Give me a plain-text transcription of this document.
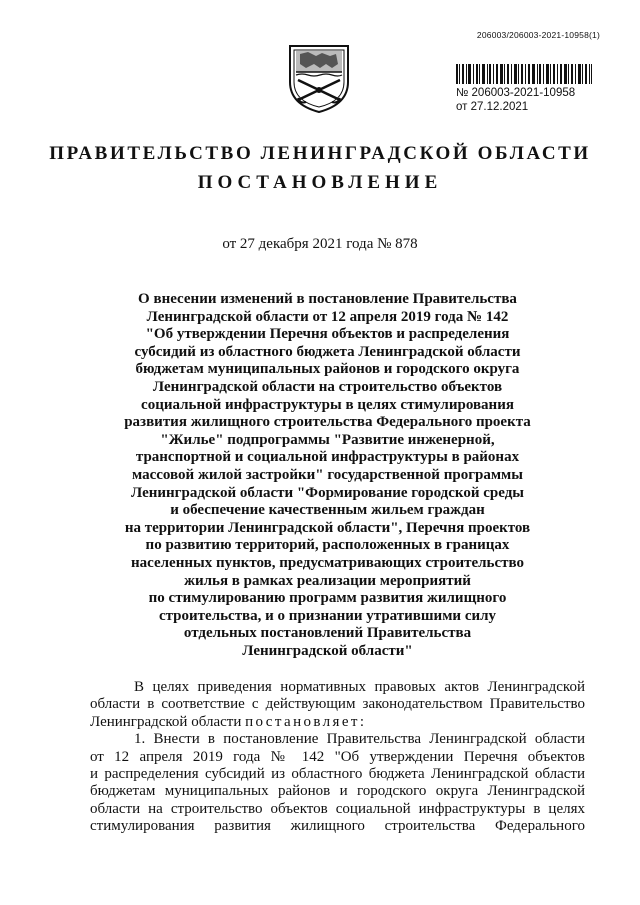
206003/206003-2021-10958(1)
№ 206003-2021-10958
от 27.12.2021
ПРАВИТЕЛЬСТВО ЛЕНИНГРАДСКОЙ ОБЛАСТИ
ПОСТАНОВЛЕНИЕ
от 27 декабря 2021 года № 878
О внесении изменений в постановление Правительства
Ленинградской области от 12 апреля 2019 года № 142
"Об утверждении Перечня объектов и распределения
субсидий из областного бюджета Ленинградской области
бюджетам муниципальных районов и городского округа
Ленинградской области на строительство объектов
социальной инфраструктуры в целях стимулирования
развития жилищного строительства Федерального проекта
"Жилье" подпрограммы "Развитие инженерной,
транспортной и социальной инфраструктуры в районах
массовой жилой застройки" государственной программы
Ленинградской области "Формирование городской среды
и обеспечение качественным жильем граждан
на территории Ленинградской области", Перечня проектов
по развитию территорий, расположенных в границах
населенных пунктов, предусматривающих строительство
жилья в рамках реализации мероприятий
по стимулированию программ развития жилищного
строительства, и о признании утратившими силу
отдельных постановлений Правительства
Ленинградской области"
В целях приведения нормативных правовых актов Ленинградской
области в соответствие с действующим законодательством Правительство
Ленинградской области постановляет:
1. Внести в постановление Правительства Ленинградской области
от 12 апреля 2019 года № 142 "Об утверждении Перечня объектов
и распределения субсидий из областного бюджета Ленинградской области
бюджетам муниципальных районов и городского округа Ленинградской
области на строительство объектов социальной инфраструктуры в целях
стимулирования развития жилищного строительства Федерального
